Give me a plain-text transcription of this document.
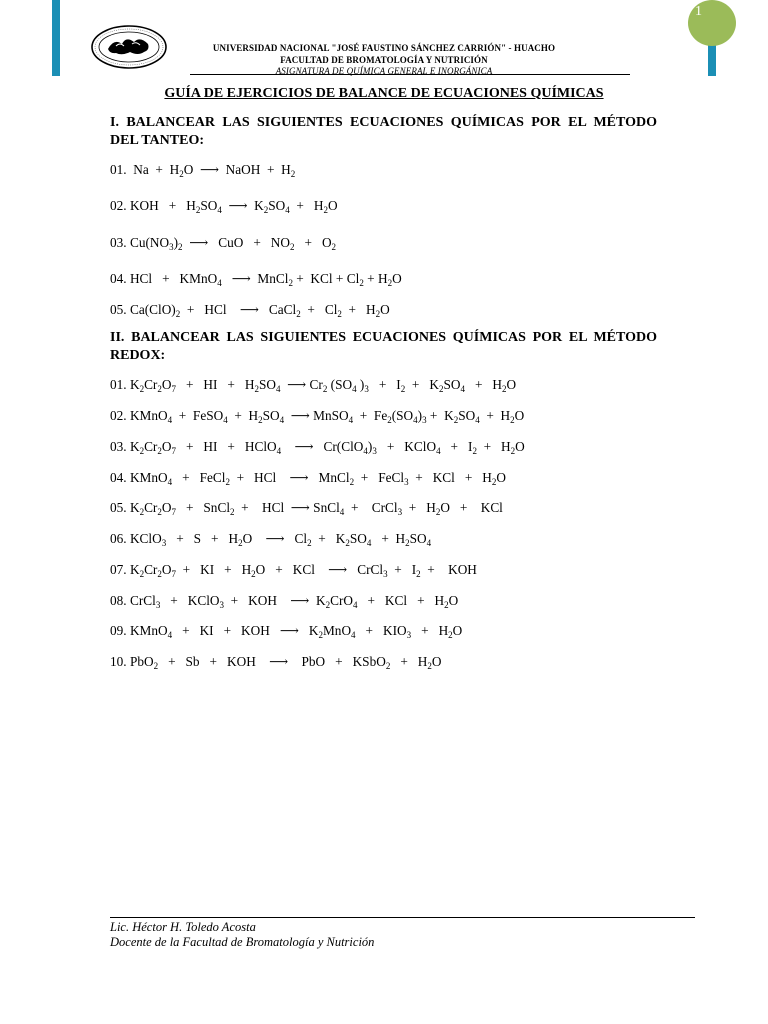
1
UNIVERSIDAD NACIONAL "JOSÉ FAUSTINO SÁNCHEZ CARRIÓN" - HUACHO
FACULTAD DE BROMATOLOGÍA Y NUTRICIÓN
ASIGNATURA DE QUÍMICA GENERAL E INORGÁNICA
GUÍA DE EJERCICIOS DE BALANCE DE ECUACIONES QUÍMICAS
I. BALANCEAR LAS SIGUIENTES ECUACIONES QUÍMICAS POR EL MÉTODO DEL TANTEO:
01.  $Na + H_2O$  ⟶  NaOH  +  $H_2$
02. KOH   +   $H_2SO_4$  ⟶  $K_2SO_4 + H_2O$
03. $Cu(NO_3)_2$  ⟶   CuO   +   $NO_2 + O_2$
04. HCl   +   KMnO$_4$   ⟶  MnCl$_2$ +  KCl + $Cl_2 + H_2O$
05. $Ca(ClO)_2$  +   HCl    ⟶   CaCl$_2$  +   $Cl_2 + H_2O$
II. BALANCEAR LAS SIGUIENTES ECUACIONES QUÍMICAS POR EL MÉTODO REDOX:
01. $K_2Cr_2O_7$   +   HI   +   $H_2SO_4$  ⟶ $Cr_2$ ($SO_4$ )$_3 + I_2 + K_2SO_4 + H_2O$
02. KMnO$_4$  +  FeSO$_4$  +  $H_2SO_4$  ⟶ MnSO$_4$  +  $Fe_2(SO_4)_3 + K_2SO_4 + H_2O$
03. $K_2Cr_2O_7$   +   HI   +   HClO$_4$    ⟶   $Cr(ClO_4)_3$   +   KClO$_4$   +   $I_2 + H_2O$
04. KMnO$_4$   +   FeCl$_2$  +   HCl    ⟶   MnCl$_2$  +   FeCl$_3$  +   KCl   +   $H_2O$
05. $K_2Cr_2O_7$   +   SnCl$_2$  +    HCl  ⟶ SnCl$_4$  +    CrCl$_3$  +   $H_2O$   +    KCl
06. KClO$_3$   +   $S + H_2O$    ⟶   $Cl_2 + K_2SO_4 + H_2SO_4$
07. $K_2Cr_2O_7$  +   KI   +   $H_2O$   +   KCl    ⟶   CrCl$_3$  +   $I_2$  +    KOH
08. CrCl$_3$   +   KClO$_3$  +   KOH    ⟶  $K_2CrO_4$   +   KCl   +   $H_2O$
09. KMnO$_4$   +   KI   +   KOH   ⟶   $K_2MnO_4 + KIO_3 + H_2O$
10. PbO$_2$   +   Sb   +   KOH    ⟶    PbO   +   KSbO$_2$   +   $H_2O$
Lic. Héctor H. Toledo Acosta
Docente de la Facultad de Bromatología y Nutrición
